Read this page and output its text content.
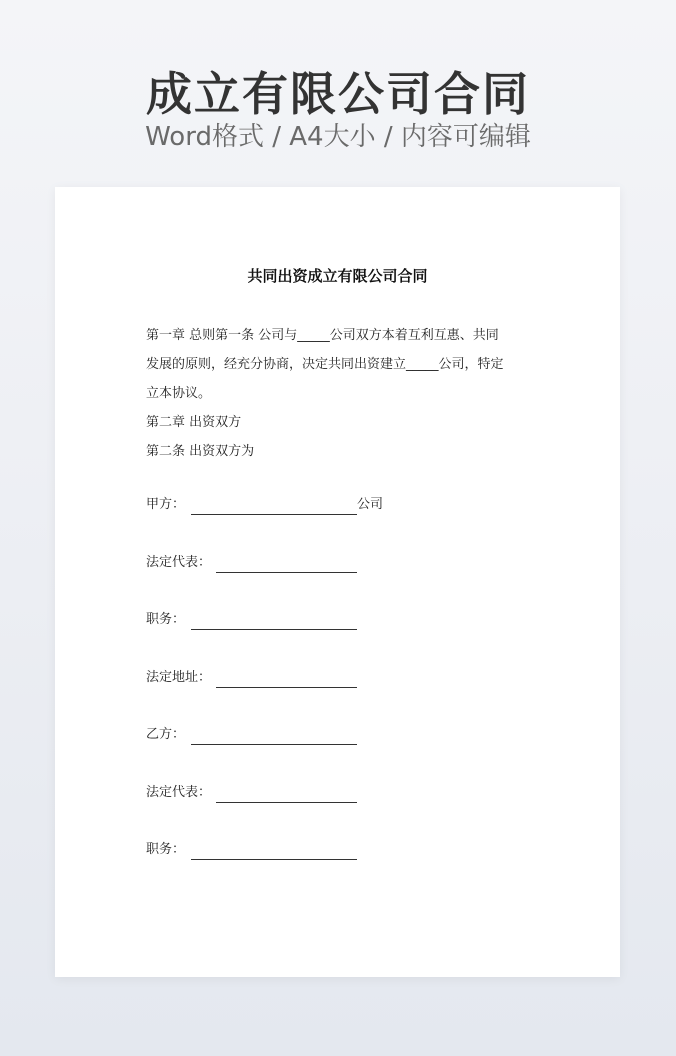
成立有限公司合同
Word格式 / A4大小 / 内容可编辑
共同出资成立有限公司合同
第一章 总则第一条 公司与_____公司双方本着互利互惠、共同
发展的原则，经充分协商，决定共同出资建立_____公司，特定
立本协议。
第二章 出资双方
第二条 出资双方为
甲方：	公司
法定代表：
职务：
法定地址：
乙方：
法定代表：
职务：
